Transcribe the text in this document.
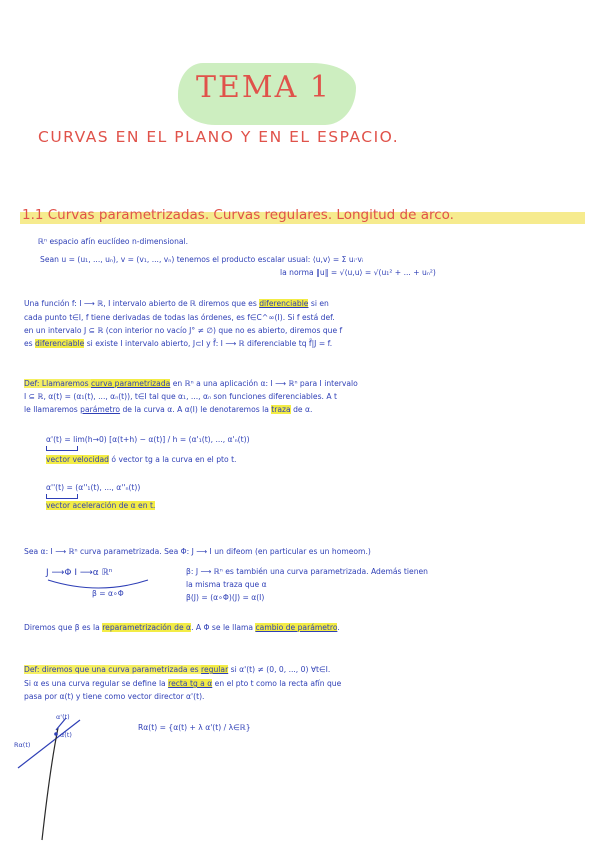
TEMA 1
CURVAS EN EL PLANO Y EN EL ESPACIO.
1.1 Curvas parametrizadas. Curvas regulares. Longitud de arco.
ℝⁿ espacio afín euclídeo n-dimensional.
Sean u = (u₁, ..., uₙ), v = (v₁, ..., vₙ) tenemos el producto escalar usual: ⟨u,v⟩ = Σ uᵢ·vᵢ
la norma ‖u‖ = √⟨u,u⟩ = √(u₁² + ... + uₙ²)
Una función f: I ⟶ ℝ, I intervalo abierto de ℝ diremos que es diferenciable si en
cada punto t∈I, f tiene derivadas de todas las órdenes, es f∈C^∞(I). Si f está def.
en un intervalo J ⊆ ℝ (con interior no vacío J° ≠ ∅) que no es abierto, diremos que f
es diferenciable si existe I intervalo abierto, J⊂I y f̃: I ⟶ ℝ diferenciable tq f̃|J = f.
Def: Llamaremos curva parametrizada en ℝⁿ a una aplicación α: I ⟶ ℝⁿ para I intervalo
I ⊆ ℝ, α(t) = (α₁(t), ..., αₙ(t)), t∈I tal que α₁, ..., αₙ son funciones diferenciables. A t
le llamaremos parámetro de la curva α. A α(I) le denotaremos la traza de α.
α'(t) = lim(h→0) [α(t+h) − α(t)] / h = (α'₁(t), ..., α'ₙ(t))
vector velocidad ó vector tg a la curva en el pto t.
α''(t) = (α''₁(t), ..., α''ₙ(t))
vector aceleración de α en t.
Sea α: I ⟶ ℝⁿ curva parametrizada. Sea Φ: J ⟶ I un difeom (en particular es un homeom.)
J ⟶Φ I ⟶α ℝⁿ
β = α∘Φ
β: J ⟶ ℝⁿ es también una curva parametrizada. Además tienen
la misma traza que α
β(J) = (α∘Φ)(J) = α(I)
Diremos que β es la reparametrización de α. A Φ se le llama cambio de parámetro.
Def: diremos que una curva parametrizada es regular si α'(t) ≠ (0, 0, ..., 0) ∀t∈I.
Si α es una curva regular se define la recta tg a α en el pto t como la recta afín que
pasa por α(t) y tiene como vector director α'(t).
α'(t)
α(t)
Rα(t)
Rα(t) = {α(t) + λ α'(t) / λ∈ℝ}
